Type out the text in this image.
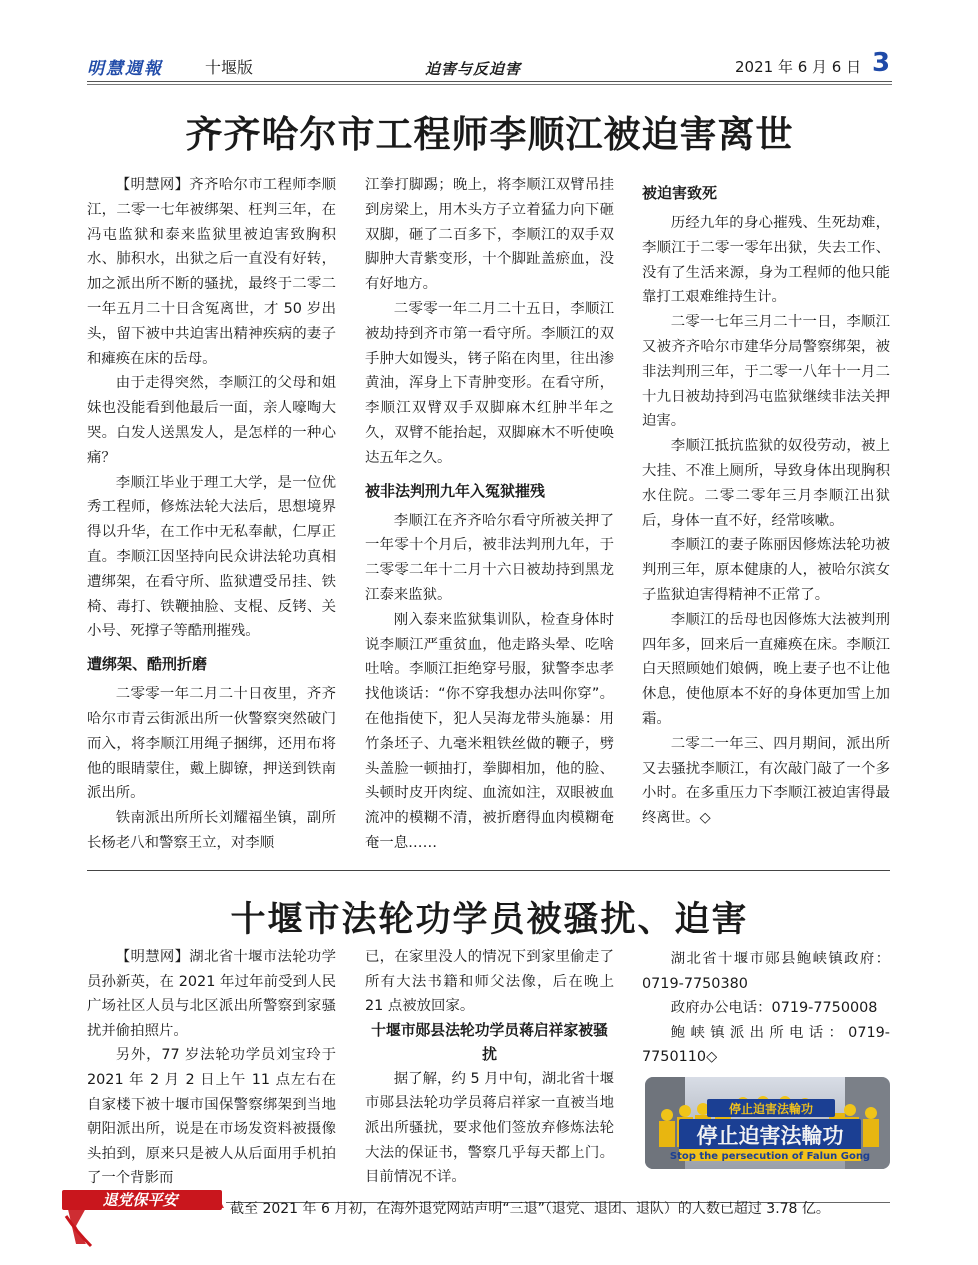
明慧週報	十堰版	迫害与反迫害	2021 年 6 月 6 日 3
齐齐哈尔市工程师李顺江被迫害离世

【明慧网】齐齐哈尔市工程师李顺江，二零一七年被绑架、枉判三年，在冯屯监狱和泰来监狱里被迫害致胸积水、肺积水，出狱之后一直没有好转，加之派出所不断的骚扰，最终于二零二一年五月二十日含冤离世，才 50 岁出头，留下被中共迫害出精神疾病的妻子和瘫痪在床的岳母。

由于走得突然，李顺江的父母和姐妹也没能看到他最后一面，亲人嚎啕大哭。白发人送黑发人，是怎样的一种心痛？

李顺江毕业于理工大学，是一位优秀工程师，修炼法轮大法后，思想境界得以升华，在工作中无私奉献，仁厚正直。李顺江因坚持向民众讲法轮功真相遭绑架，在看守所、监狱遭受吊挂、铁椅、毒打、铁鞭抽脸、支棍、反铐、关小号、死撑子等酷刑摧残。

遭绑架、酷刑折磨

二零零一年二月二十日夜里，齐齐哈尔市青云街派出所一伙警察突然破门而入，将李顺江用绳子捆绑，还用布将他的眼睛蒙住，戴上脚镣，押送到铁南派出所。

铁南派出所所长刘耀福坐镇，副所长杨老八和警察王立，对李顺

江拳打脚踢；晚上，将李顺江双臂吊挂到房梁上，用木头方子立着猛力向下砸双脚，砸了二百多下，李顺江的双手双脚肿大青紫变形，十个脚趾盖瘀血，没有好地方。

二零零一年二月二十五日，李顺江被劫持到齐市第一看守所。李顺江的双手肿大如馒头，铐子陷在肉里，往出渗黄油，浑身上下青肿变形。在看守所，李顺江双臂双手双脚麻木红肿半年之久，双臂不能抬起，双脚麻木不听使唤达五年之久。

被非法判刑九年入冤狱摧残

李顺江在齐齐哈尔看守所被关押了一年零十个月后，被非法判刑九年，于二零零二年十二月十六日被劫持到黑龙江泰来监狱。

刚入泰来监狱集训队，检查身体时说李顺江严重贫血，他走路头晕、吃啥吐啥。李顺江拒绝穿号服，狱警李忠孝找他谈话：“你不穿我想办法叫你穿”。在他指使下，犯人吴海龙带头施暴：用竹条坯子、九毫米粗铁丝做的鞭子，劈头盖脸一顿抽打，拳脚相加，他的脸、头顿时皮开肉绽、血流如注，双眼被血流冲的模糊不清，被折磨得血肉模糊奄奄一息……

被迫害致死

历经九年的身心摧残、生死劫难，李顺江于二零一零年出狱，失去工作、没有了生活来源，身为工程师的他只能靠打工艰难维持生计。

二零一七年三月二十一日，李顺江又被齐齐哈尔市建华分局警察绑架，被非法判刑三年，于二零一八年十一月二十九日被劫持到冯屯监狱继续非法关押迫害。

李顺江抵抗监狱的奴役劳动，被上大挂、不准上厕所，导致身体出现胸积水住院。二零二零年三月李顺江出狱后，身体一直不好，经常咳嗽。

李顺江的妻子陈丽因修炼法轮功被判刑三年，原本健康的人，被哈尔滨女子监狱迫害得精神不正常了。

李顺江的岳母也因修炼大法被判刑四年多，回来后一直瘫痪在床。李顺江白天照顾她们娘俩，晚上妻子也不让他休息，使他原本不好的身体更加雪上加霜。

二零二一年三、四月期间，派出所又去骚扰李顺江，有次敲门敲了一个多小时。在多重压力下李顺江被迫害得最终离世。◇

十堰市法轮功学员被骚扰、迫害

【明慧网】湖北省十堰市法轮功学员孙新英，在 2021 年过年前受到人民广场社区人员与北区派出所警察到家骚扰并偷拍照片。

另外，77 岁法轮功学员刘宝玲于 2021 年 2 月 2 日上午 11 点左右在自家楼下被十堰市国保警察绑架到当地朝阳派出所，说是在市场发资料被摄像头拍到，原来只是被人从后面用手机拍了一个背影而

已，在家里没人的情况下到家里偷走了所有大法书籍和师父法像，后在晚上 21 点被放回家。

十堰市郧县法轮功学员蒋启祥家被骚扰

据了解，约 5 月中旬，湖北省十堰市郧县法轮功学员蒋启祥家一直被当地派出所骚扰，要求他们签放弃修炼法轮大法的保证书，警察几乎每天都上门。目前情况不详。

湖北省十堰市郧县鲍峡镇政府：0719-7750380

政府办公电话：0719-7750008

鲍峡镇派出所电话：0719-7750110◇

停止迫害法輪功
停止迫害法輪功
Stop the persecution of Falun Gong
退党保平安	截至 2021 年 6 月初，在海外退党网站声明“三退”（退党、退团、退队）的人数已超过 3.78 亿。
